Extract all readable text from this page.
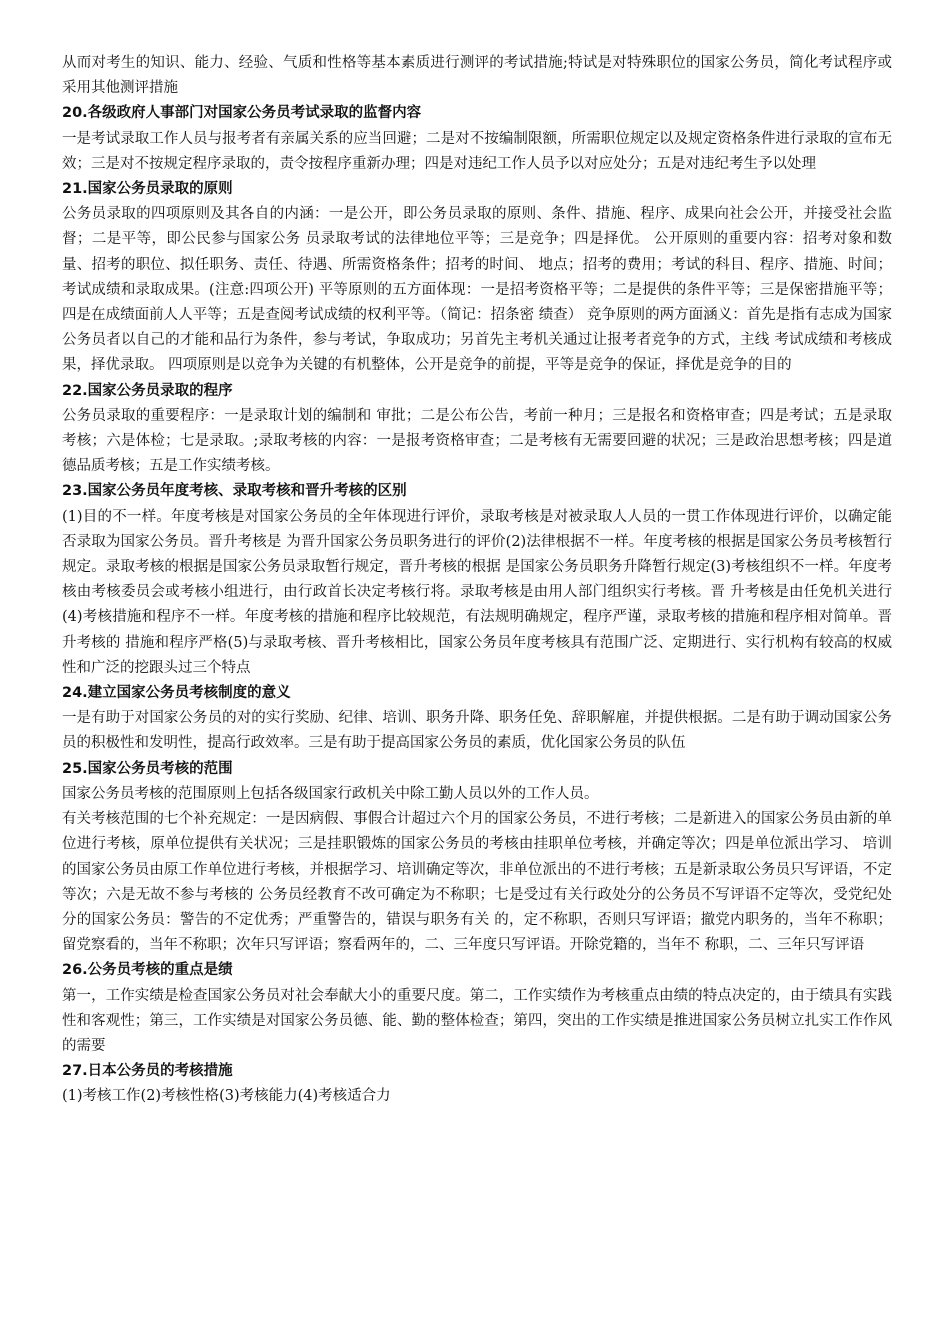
从而对考生的知识、能力、经验、气质和性格等基本素质进行测评的考试措施;特试是对特殊职位的国家公务员，简化考试程序或采用其他测评措施

20.各级政府人事部门对国家公务员考试录取的监督内容

一是考试录取工作人员与报考者有亲属关系的应当回避；二是对不按编制限额，所需职位规定以及规定资格条件进行录取的宣布无效；三是对不按规定程序录取的，责令按程序重新办理；四是对违纪工作人员予以对应处分；五是对违纪考生予以处理

21.国家公务员录取的原则

公务员录取的四项原则及其各自的内涵：一是公开，即公务员录取的原则、条件、措施、程序、成果向社会公开，并接受社会监督；二是平等，即公民参与国家公务 员录取考试的法律地位平等；三是竞争；四是择优。 公开原则的重要内容：招考对象和数量、招考的职位、拟任职务、责任、待遇、所需资格条件；招考的时间、 地点；招考的费用；考试的科目、程序、措施、时间；考试成绩和录取成果。(注意:四项公开) 平等原则的五方面体现：一是招考资格平等；二是提供的条件平等；三是保密措施平等；四是在成绩面前人人平等；五是查阅考试成绩的权利平等。（简记：招条密 绩查） 竞争原则的两方面涵义：首先是指有志成为国家公务员者以自己的才能和品行为条件，参与考试，争取成功；另首先主考机关通过让报考者竞争的方式，主线 考试成绩和考核成果，择优录取。 四项原则是以竞争为关键的有机整体，公开是竞争的前提，平等是竞争的保证，择优是竞争的目的

22.国家公务员录取的程序

公务员录取的重要程序：一是录取计划的编制和 审批；二是公布公告，考前一种月；三是报名和资格审查；四是考试；五是录取考核；六是体检；七是录取。;录取考核的内容：一是报考资格审查；二是考核有无需要回避的状况；三是政治思想考核；四是道德品质考核；五是工作实绩考核。

23.国家公务员年度考核、录取考核和晋升考核的区别

(1)目的不一样。年度考核是对国家公务员的全年体现进行评价，录取考核是对被录取人人员的一贯工作体现进行评价，以确定能否录取为国家公务员。晋升考核是 为晋升国家公务员职务进行的评价(2)法律根据不一样。年度考核的根据是国家公务员考核暂行规定。录取考核的根据是国家公务员录取暂行规定，晋升考核的根据 是国家公务员职务升降暂行规定(3)考核组织不一样。年度考核由考核委员会或考核小组进行，由行政首长决定考核行将。录取考核是由用人部门组织实行考核。晋 升考核是由任免机关进行(4)考核措施和程序不一样。年度考核的措施和程序比较规范，有法规明确规定，程序严谨，录取考核的措施和程序相对简单。晋升考核的 措施和程序严格(5)与录取考核、晋升考核相比，国家公务员年度考核具有范围广泛、定期进行、实行机构有较高的权威性和广泛的挖跟头过三个特点

24.建立国家公务员考核制度的意义

一是有助于对国家公务员的对的实行奖励、纪律、培训、职务升降、职务任免、辞职解雇，并提供根据。二是有助于调动国家公务员的积极性和发明性，提高行政效率。三是有助于提高国家公务员的素质，优化国家公务员的队伍

25.国家公务员考核的范围

国家公务员考核的范围原则上包括各级国家行政机关中除工勤人员以外的工作人员。

有关考核范围的七个补充规定：一是因病假、事假合计超过六个月的国家公务员，不进行考核；二是新进入的国家公务员由新的单位进行考核，原单位提供有关状况；三是挂职锻炼的国家公务员的考核由挂职单位考核，并确定等次；四是单位派出学习、 培训的国家公务员由原工作单位进行考核，并根据学习、培训确定等次，非单位派出的不进行考核；五是新录取公务员只写评语，不定等次；六是无故不参与考核的 公务员经教育不改可确定为不称职；七是受过有关行政处分的公务员不写评语不定等次，受党纪处分的国家公务员：警告的不定优秀；严重警告的，错误与职务有关 的，定不称职，否则只写评语；撤党内职务的，当年不称职；留党察看的，当年不称职；次年只写评语；察看两年的，二、三年度只写评语。开除党籍的，当年不 称职，二、三年只写评语

26.公务员考核的重点是绩

第一，工作实绩是检查国家公务员对社会奉献大小的重要尺度。第二，工作实绩作为考核重点由绩的特点决定的，由于绩具有实践性和客观性；第三，工作实绩是对国家公务员德、能、勤的整体检查；第四，突出的工作实绩是推进国家公务员树立扎实工作作风的需要

27.日本公务员的考核措施

(1)考核工作(2)考核性格(3)考核能力(4)考核适合力
